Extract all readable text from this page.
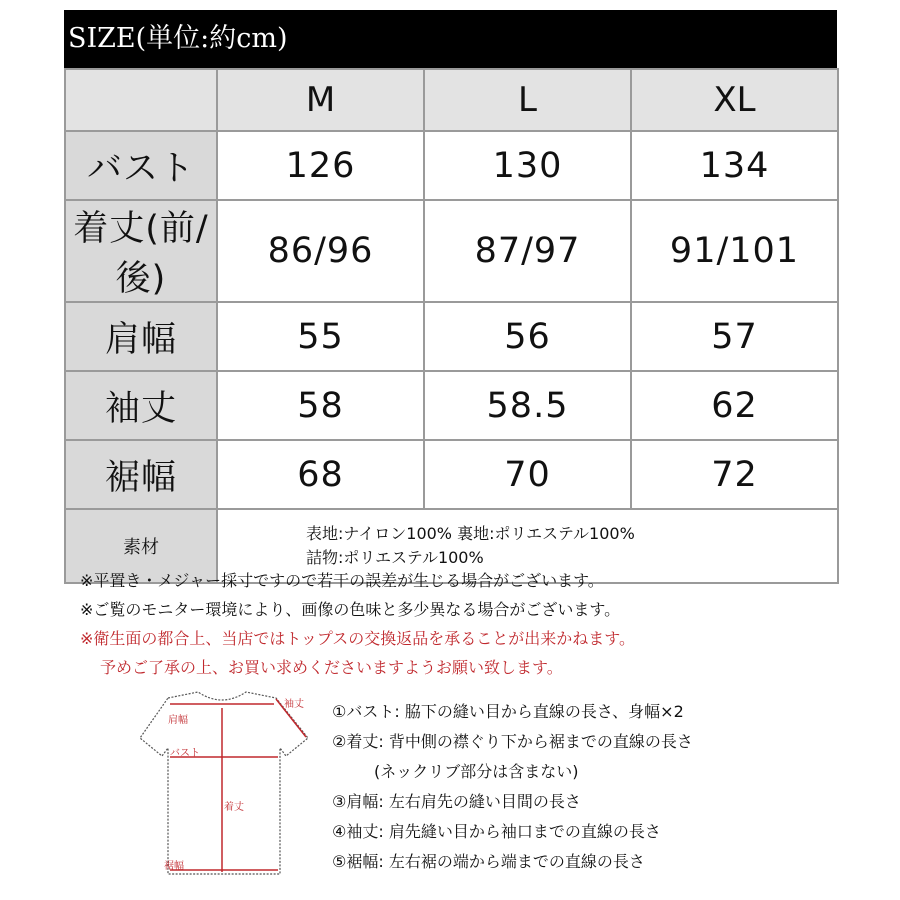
SIZE(単位:約cm)
	M	L	XL
バスト	126	130	134
着丈(前/後)	86/96	87/97	91/101
肩幅	55	56	57
袖丈	58	58.5	62
裾幅	68	70	72
素材	表地:ナイロン100% 裏地:ポリエステル100%
詰物:ポリエステル100%		
※平置き・メジャー採寸ですので若干の誤差が生じる場合がございます。
※ご覧のモニター環境により、画像の色味と多少異なる場合がございます。
※衛生面の都合上、当店ではトップスの交換返品を承ることが出来かねます。
予めご了承の上、お買い求めくださいますようお願い致します。
袖丈
肩幅
バスト
着丈
裾幅
①バスト: 脇下の縫い目から直線の長さ、身幅×2
②着丈: 背中側の襟ぐり下から裾までの直線の長さ
(ネックリブ部分は含まない)
③肩幅: 左右肩先の縫い目間の長さ
④袖丈: 肩先縫い目から袖口までの直線の長さ
⑤裾幅: 左右裾の端から端までの直線の長さ
